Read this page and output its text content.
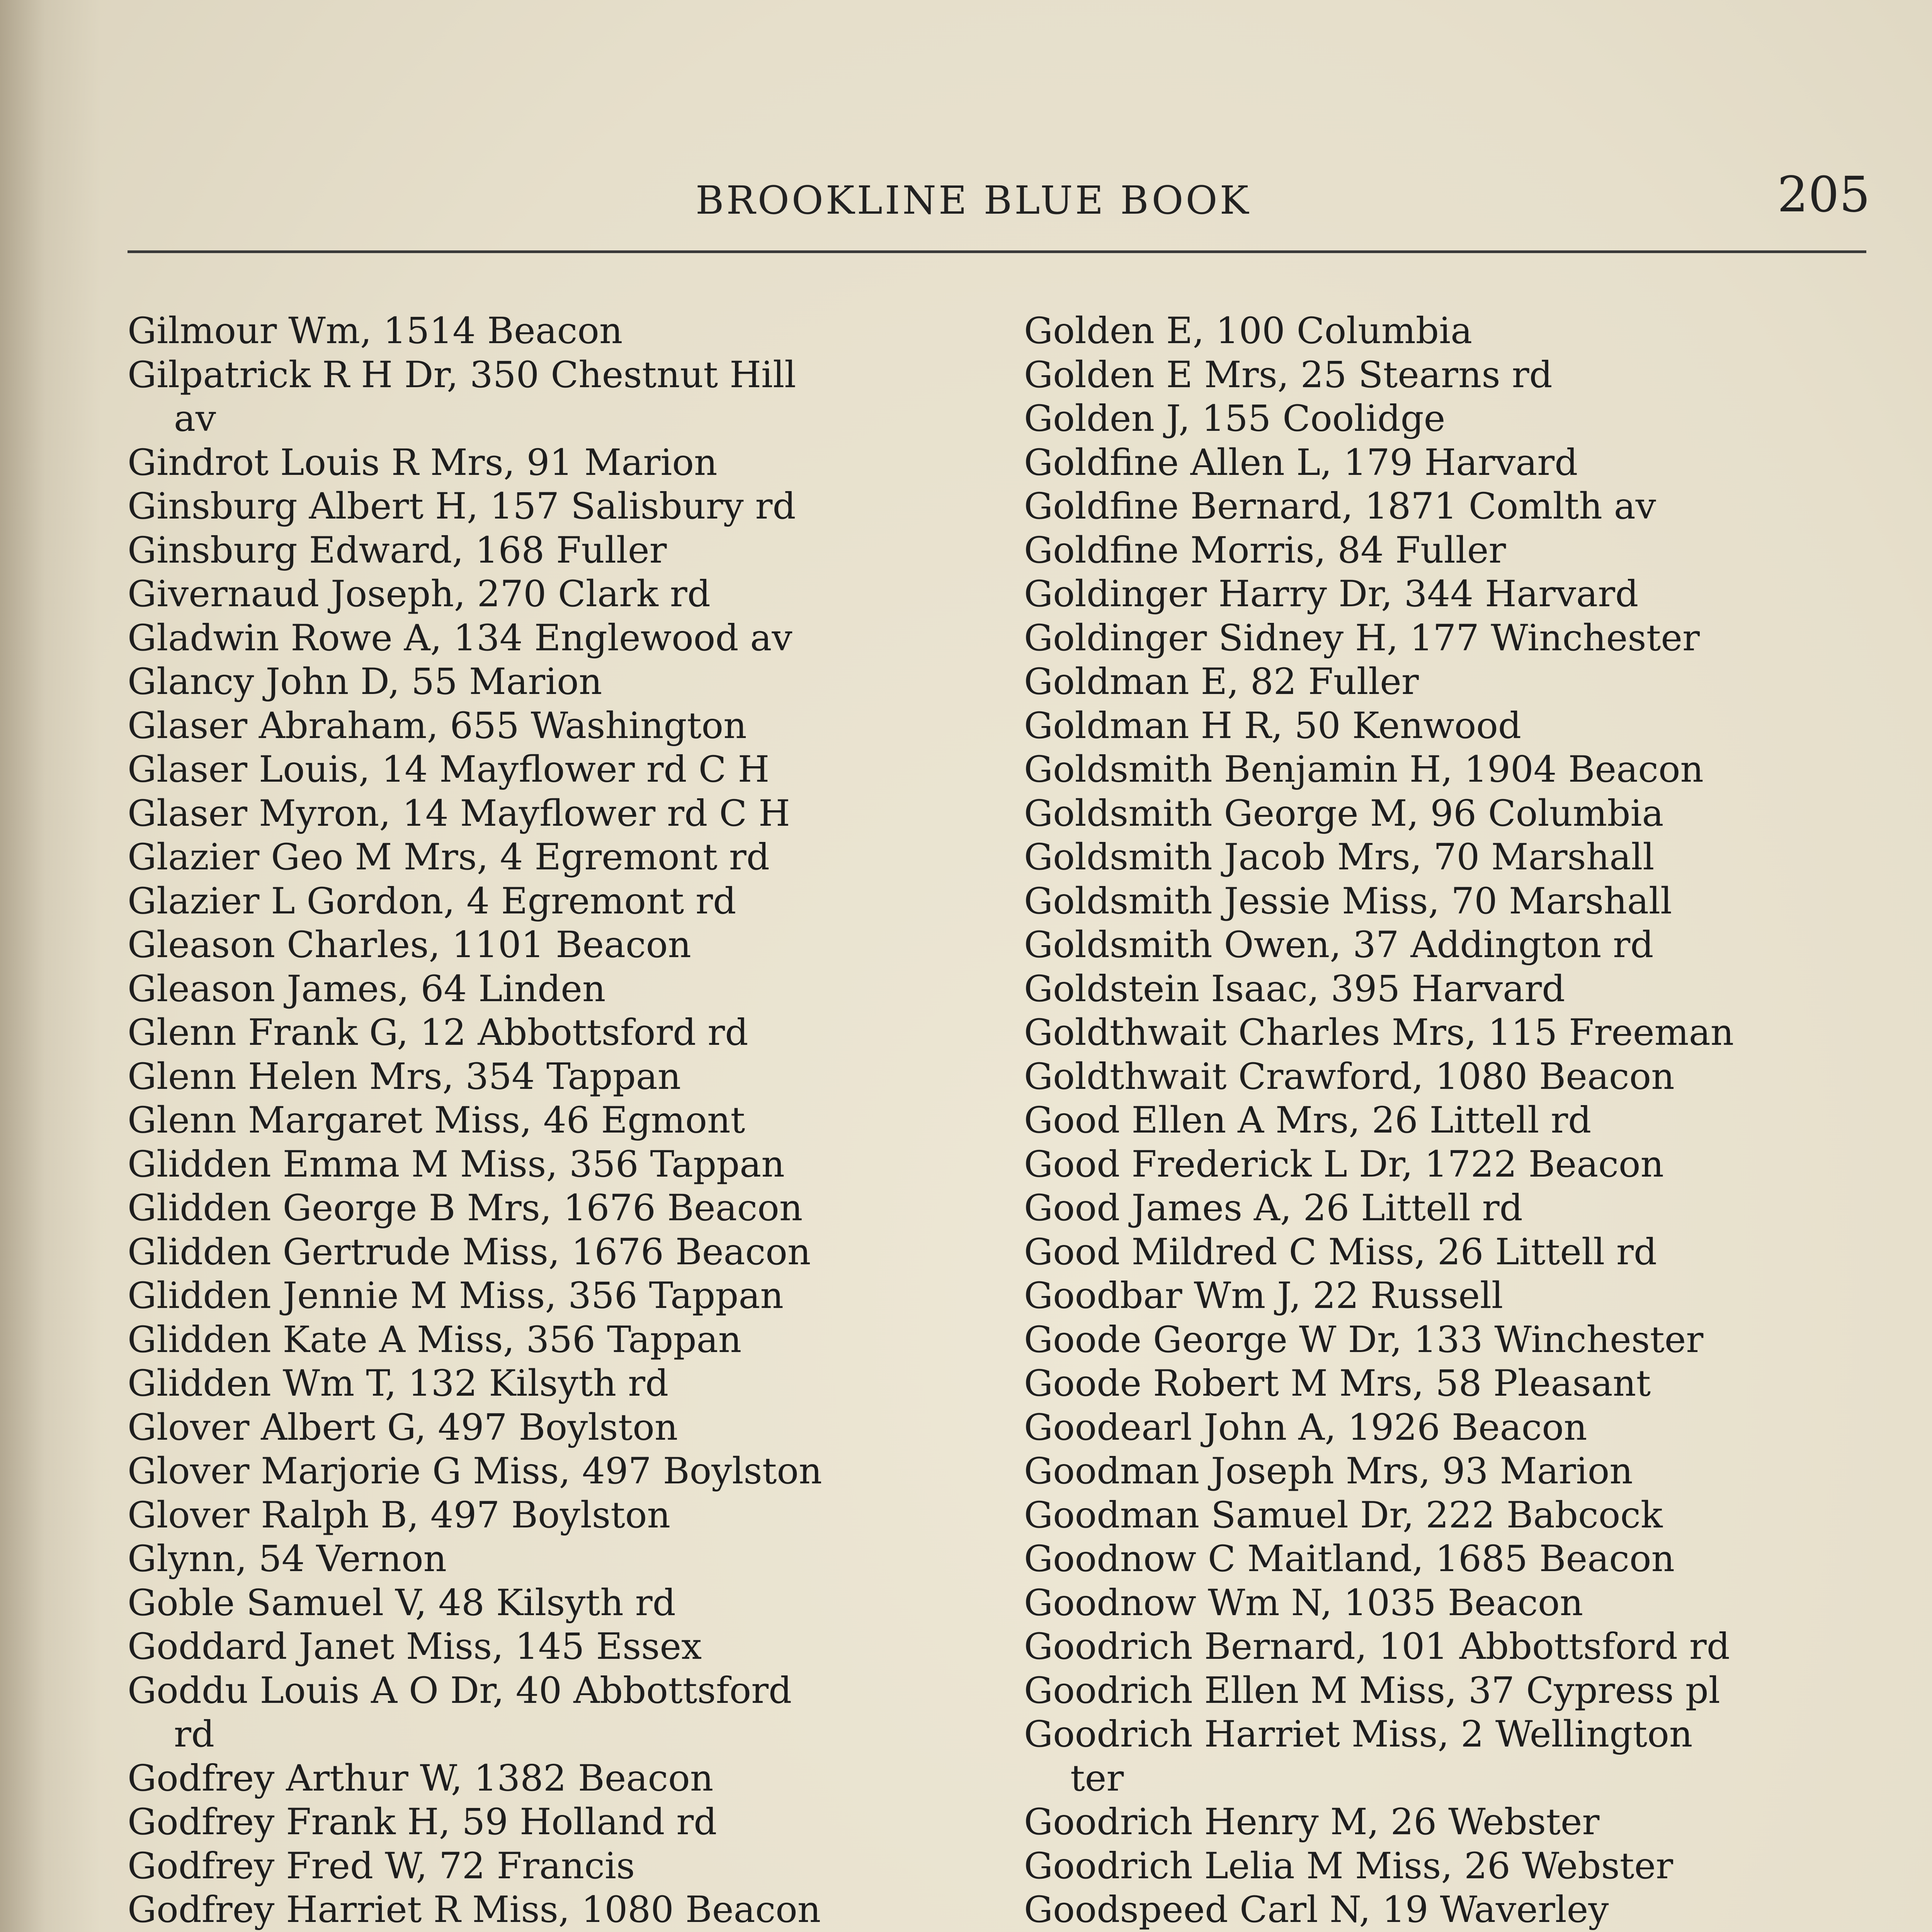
BROOKLINE BLUE BOOK	205
Gilmour Wm, 1514 Beacon
Gilpatrick R H Dr, 350 Chestnut Hill
av
Gindrot Louis R Mrs, 91 Marion
Ginsburg Albert H, 157 Salisbury rd
Ginsburg Edward, 168 Fuller
Givernaud Joseph, 270 Clark rd
Gladwin Rowe A, 134 Englewood av
Glancy John D, 55 Marion
Glaser Abraham, 655 Washington
Glaser Louis, 14 Mayflower rd C H
Glaser Myron, 14 Mayflower rd C H
Glazier Geo M Mrs, 4 Egremont rd
Glazier L Gordon, 4 Egremont rd
Gleason Charles, 1101 Beacon
Gleason James, 64 Linden
Glenn Frank G, 12 Abbottsford rd
Glenn Helen Mrs, 354 Tappan
Glenn Margaret Miss, 46 Egmont
Glidden Emma M Miss, 356 Tappan
Glidden George B Mrs, 1676 Beacon
Glidden Gertrude Miss, 1676 Beacon
Glidden Jennie M Miss, 356 Tappan
Glidden Kate A Miss, 356 Tappan
Glidden Wm T, 132 Kilsyth rd
Glover Albert G, 497 Boylston
Glover Marjorie G Miss, 497 Boylston
Glover Ralph B, 497 Boylston
Glynn, 54 Vernon
Goble Samuel V, 48 Kilsyth rd
Goddard Janet Miss, 145 Essex
Goddu Louis A O Dr, 40 Abbottsford
rd
Godfrey Arthur W, 1382 Beacon
Godfrey Frank H, 59 Holland rd
Godfrey Fred W, 72 Francis
Godfrey Harriet R Miss, 1080 Beacon
Golden E, 100 Columbia
Golden E Mrs, 25 Stearns rd
Golden J, 155 Coolidge
Goldfine Allen L, 179 Harvard
Goldfine Bernard, 1871 Comlth av
Goldfine Morris, 84 Fuller
Goldinger Harry Dr, 344 Harvard
Goldinger Sidney H, 177 Winchester
Goldman E, 82 Fuller
Goldman H R, 50 Kenwood
Goldsmith Benjamin H, 1904 Beacon
Goldsmith George M, 96 Columbia
Goldsmith Jacob Mrs, 70 Marshall
Goldsmith Jessie Miss, 70 Marshall
Goldsmith Owen, 37 Addington rd
Goldstein Isaac, 395 Harvard
Goldthwait Charles Mrs, 115 Freeman
Goldthwait Crawford, 1080 Beacon
Good Ellen A Mrs, 26 Littell rd
Good Frederick L Dr, 1722 Beacon
Good James A, 26 Littell rd
Good Mildred C Miss, 26 Littell rd
Goodbar Wm J, 22 Russell
Goode George W Dr, 133 Winchester
Goode Robert M Mrs, 58 Pleasant
Goodearl John A, 1926 Beacon
Goodman Joseph Mrs, 93 Marion
Goodman Samuel Dr, 222 Babcock
Goodnow C Maitland, 1685 Beacon
Goodnow Wm N, 1035 Beacon
Goodrich Bernard, 101 Abbottsford rd
Goodrich Ellen M Miss, 37 Cypress pl
Goodrich Harriet Miss, 2 Wellington
ter
Goodrich Henry M, 26 Webster
Goodrich Lelia M Miss, 26 Webster
Goodspeed Carl N, 19 Waverley
